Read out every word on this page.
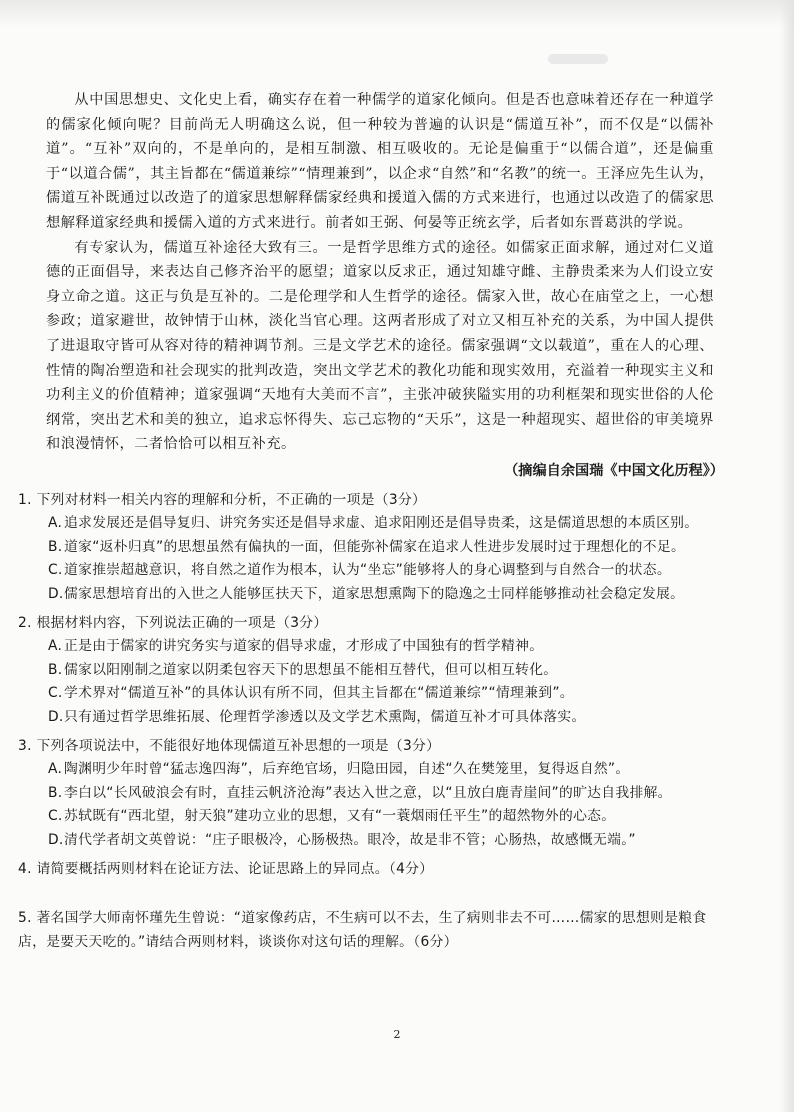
从中国思想史、文化史上看，确实存在着一种儒学的道家化倾向。但是否也意味着还存在一种道学的儒家化倾向呢？目前尚无人明确这么说，但一种较为普遍的认识是“儒道互补”，而不仅是“以儒补道”。“互补”双向的，不是单向的，是相互制激、相互吸收的。无论是偏重于“以儒合道”，还是偏重于“以道合儒”，其主旨都在“儒道兼综”“情理兼到”，以企求“自然”和“名教”的统一。王泽应先生认为，儒道互补既通过以改造了的道家思想解释儒家经典和援道入儒的方式来进行，也通过以改造了的儒家思想解释道家经典和援儒入道的方式来进行。前者如王弼、何晏等正统玄学，后者如东晋葛洪的学说。

有专家认为，儒道互补途径大致有三。一是哲学思维方式的途径。如儒家正面求解，通过对仁义道德的正面倡导，来表达自己修齐治平的愿望；道家以反求正，通过知雄守雌、主静贵柔来为人们设立安身立命之道。这正与负是互补的。二是伦理学和人生哲学的途径。儒家入世，故心在庙堂之上，一心想参政；道家避世，故钟情于山林，淡化当官心理。这两者形成了对立又相互补充的关系，为中国人提供了进退取守皆可从容对待的精神调节剂。三是文学艺术的途径。儒家强调“文以载道”，重在人的心理、性情的陶冶塑造和社会现实的批判改造，突出文学艺术的教化功能和现实效用，充溢着一种现实主义和功利主义的价值精神；道家强调“天地有大美而不言”，主张冲破狭隘实用的功利框架和现实世俗的人伦纲常，突出艺术和美的独立，追求忘怀得失、忘己忘物的“天乐”，这是一种超现实、超世俗的审美境界和浪漫情怀，二者恰恰可以相互补充。

（摘编自余国瑞《中国文化历程》）

1. 下列对材料一相关内容的理解和分析，不正确的一项是（3分）

A. 追求发展还是倡导复归、讲究务实还是倡导求虚、追求阳刚还是倡导贵柔，这是儒道思想的本质区别。

B. 道家“返朴归真”的思想虽然有偏执的一面，但能弥补儒家在追求人性进步发展时过于理想化的不足。

C.道家推崇超越意识，将自然之道作为根本，认为“坐忘”能够将人的身心调整到与自然合一的状态。

D.儒家思想培育出的入世之人能够匡扶天下，道家思想熏陶下的隐逸之士同样能够推动社会稳定发展。

2. 根据材料内容，下列说法正确的一项是（3分）

A. 正是由于儒家的讲究务实与道家的倡导求虚，才形成了中国独有的哲学精神。

B. 儒家以阳刚制之道家以阴柔包容天下的思想虽不能相互替代，但可以相互转化。

C.学术界对“儒道互补”的具体认识有所不同，但其主旨都在“儒道兼综”“情理兼到”。

D.只有通过哲学思维拓展、伦理哲学渗透以及文学艺术熏陶，儒道互补才可具体落实。

3. 下列各项说法中，不能很好地体现儒道互补思想的一项是（3分）

A. 陶渊明少年时曾“猛志逸四海”，后弃绝官场，归隐田园，自述“久在樊笼里，复得返自然”。

B. 李白以“长风破浪会有时，直挂云帆济沧海”表达入世之意，以“且放白鹿青崖间”的旷达自我排解。

C.苏轼既有“西北望，射天狼”建功立业的思想，又有“一蓑烟雨任平生”的超然物外的心态。

D.清代学者胡文英曾说：“庄子眼极冷，心肠极热。眼冷，故是非不管；心肠热，故感慨无端。”

4. 请简要概括两则材料在论证方法、论证思路上的异同点。（4分）

5. 著名国学大师南怀瑾先生曾说：“道家像药店，不生病可以不去，生了病则非去不可……儒家的思想则是粮食店，是要天天吃的。”请结合两则材料，谈谈你对这句话的理解。（6分）

2
